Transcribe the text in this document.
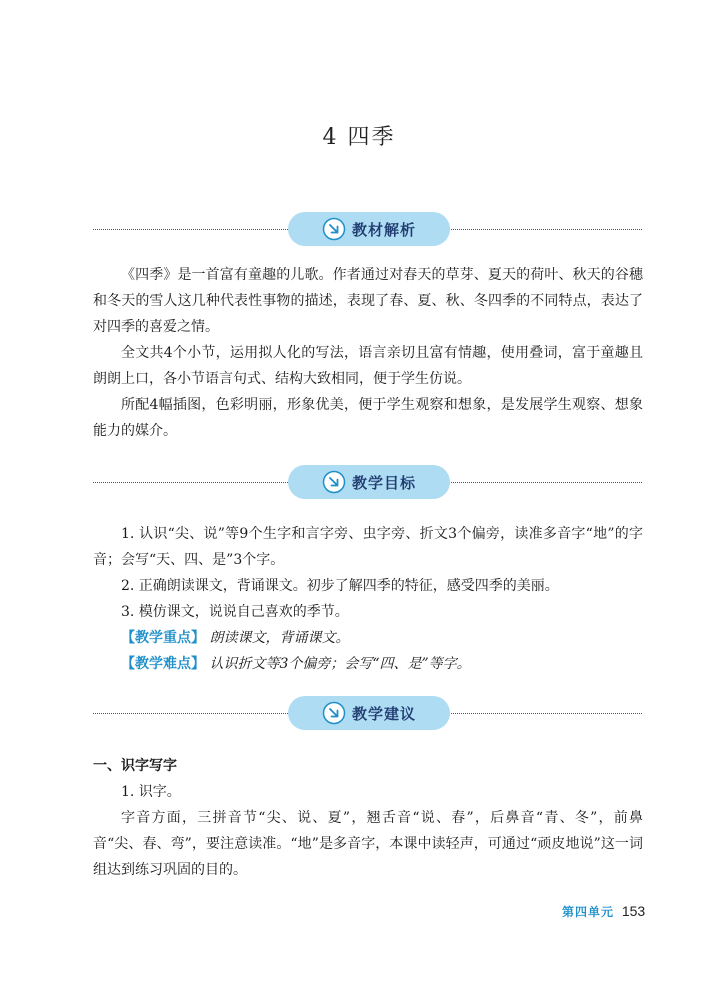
4 四季
教材解析

《四季》是一首富有童趣的儿歌。作者通过对春天的草芽、夏天的荷叶、秋天的谷穗和冬天的雪人这几种代表性事物的描述，表现了春、夏、秋、冬四季的不同特点，表达了对四季的喜爱之情。

全文共4个小节，运用拟人化的写法，语言亲切且富有情趣，使用叠词，富于童趣且朗朗上口，各小节语言句式、结构大致相同，便于学生仿说。

所配4幅插图，色彩明丽，形象优美，便于学生观察和想象，是发展学生观察、想象能力的媒介。

教学目标

1. 认识“尖、说”等9个生字和言字旁、虫字旁、折文3个偏旁，读准多音字“地”的字音；会写“天、四、是”3个字。

2. 正确朗读课文，背诵课文。初步了解四季的特征，感受四季的美丽。

3. 模仿课文，说说自己喜欢的季节。

【教学重点】 朗读课文，背诵课文。

【教学难点】 认识折文等3个偏旁；会写“四、是”等字。

教学建议

一、识字写字

1. 识字。

字音方面，三拼音节“尖、说、夏”，翘舌音“说、春”，后鼻音“青、冬”，前鼻音“尖、春、弯”，要注意读准。“地”是多音字，本课中读轻声，可通过“顽皮地说”这一词组达到练习巩固的目的。

第四单元 153
